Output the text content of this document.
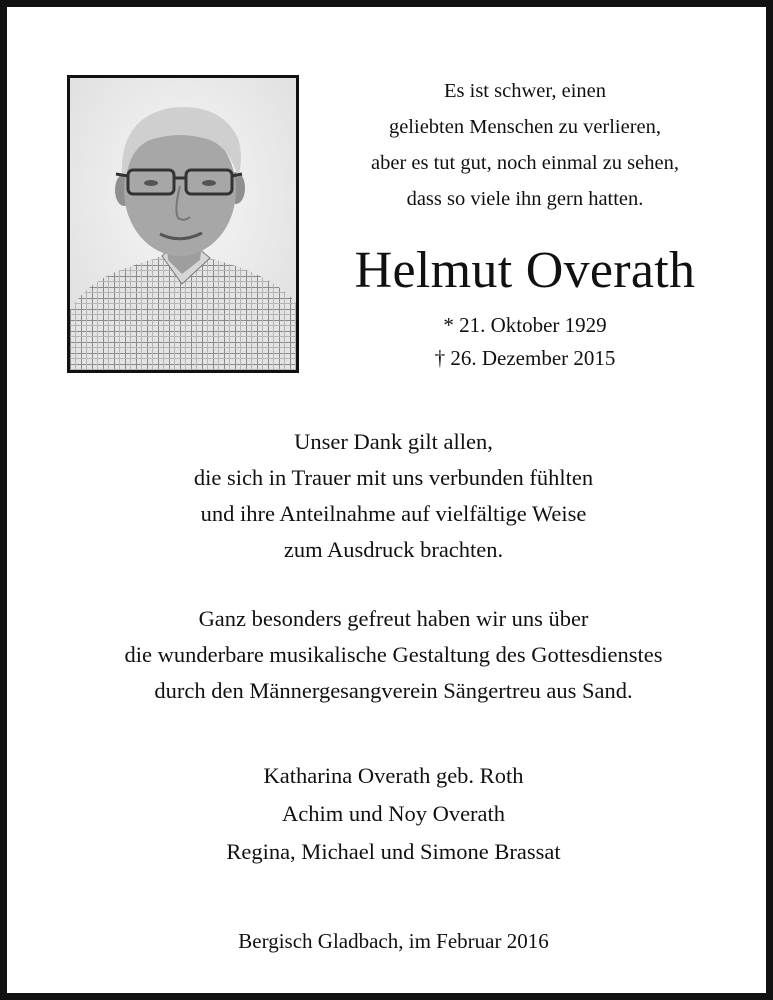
Es ist schwer, einen
geliebten Menschen zu verlieren,
aber es tut gut, noch einmal zu sehen,
dass so viele ihn gern hatten.
Helmut Overath
* 21. Oktober 1929
† 26. Dezember 2015
Unser Dank gilt allen,
die sich in Trauer mit uns verbunden fühlten
und ihre Anteilnahme auf vielfältige Weise
zum Ausdruck brachten.
Ganz besonders gefreut haben wir uns über
die wunderbare musikalische Gestaltung des Gottesdienstes
durch den Männergesangverein Sängertreu aus Sand.
Katharina Overath geb. Roth
Achim und Noy Overath
Regina, Michael und Simone Brassat
Bergisch Gladbach, im Februar 2016
